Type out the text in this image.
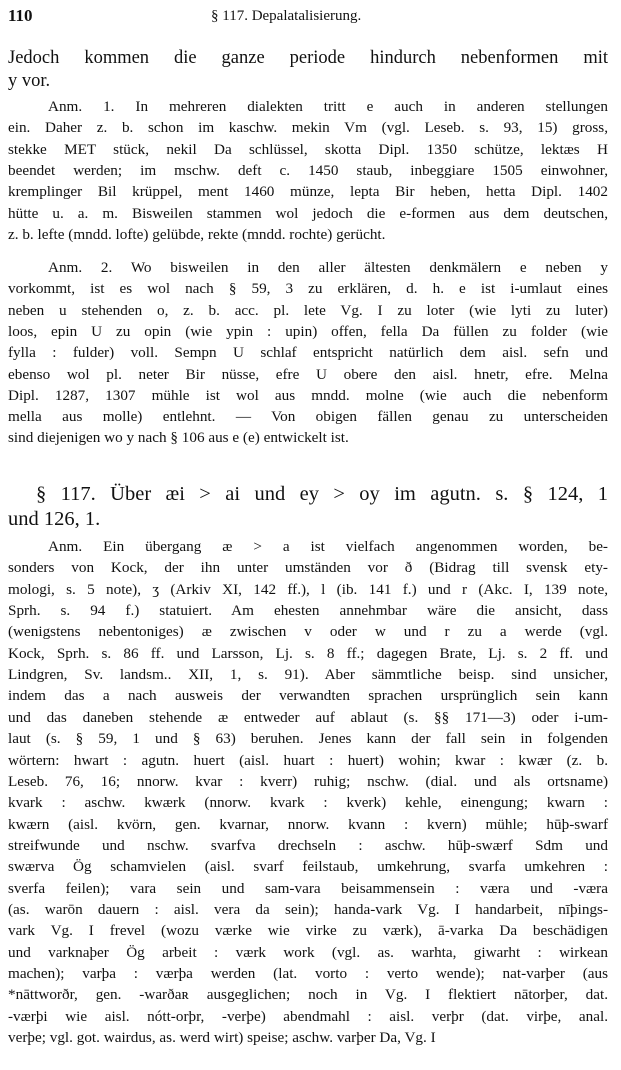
110	§ 117. Depalatalisierung.
Jedoch kommen die ganze periode hindurch nebenformen mit
y vor.
Anm. 1. In mehreren dialekten tritt e auch in anderen stellungen
ein. Daher z. b. schon im kaschw. mekin Vm (vgl. Leseb. s. 93, 15) gross,
stekke MET stück, nekil Da schlüssel, skotta Dipl. 1350 schütze, lektæs H
beendet werden; im mschw. deft c. 1450 staub, inbeggiare 1505 einwohner,
kremplinger Bil krüppel, ment 1460 münze, lepta Bir heben, hetta Dipl. 1402
hütte u. a. m. Bisweilen stammen wol jedoch die e-formen aus dem deutschen,
z. b. lefte (mndd. lofte) gelübde, rekte (mndd. rochte) gerücht.
Anm. 2. Wo bisweilen in den aller ältesten denkmälern e neben y
vorkommt, ist es wol nach § 59, 3 zu erklären, d. h. e ist i-umlaut eines
neben u stehenden o, z. b. acc. pl. lete Vg. I zu loter (wie lyti zu luter)
loos, epin U zu opin (wie ypin : upin) offen, fella Da füllen zu folder (wie
fylla : fulder) voll. Sempn U schlaf entspricht natürlich dem aisl. sefn und
ebenso wol pl. neter Bir nüsse, efre U obere den aisl. hnetr, efre. Melna
Dipl. 1287, 1307 mühle ist wol aus mndd. molne (wie auch die nebenform
mella aus molle) entlehnt. — Von obigen fällen genau zu unterscheiden
sind diejenigen wo y nach § 106 aus e (e) entwickelt ist.
§ 117. Über æi > ai und ey > oy im agutn. s. § 124, 1
und 126, 1.
Anm. Ein übergang æ > a ist vielfach angenommen worden, be-
sonders von Kock, der ihn unter umständen vor ð (Bidrag till svensk ety-
mologi, s. 5 note), ʒ (Arkiv XI, 142 ff.), l (ib. 141 f.) und r (Akc. I, 139 note,
Sprh. s. 94 f.) statuiert. Am ehesten annehmbar wäre die ansicht, dass
(wenigstens nebentoniges) æ zwischen v oder w und r zu a werde (vgl.
Kock, Sprh. s. 86 ff. und Larsson, Lj. s. 8 ff.; dagegen Brate, Lj. s. 2 ff. und
Lindgren, Sv. landsm.. XII, 1, s. 91). Aber sämmtliche beisp. sind unsicher,
indem das a nach ausweis der verwandten sprachen ursprünglich sein kann
und das daneben stehende æ entweder auf ablaut (s. §§ 171—3) oder i-um-
laut (s. § 59, 1 und § 63) beruhen. Jenes kann der fall sein in folgenden
wörtern: hwart : agutn. huert (aisl. huart : huert) wohin; kwar : kwær (z. b.
Leseb. 76, 16; nnorw. kvar : kverr) ruhig; nschw. (dial. und als ortsname)
kvark : aschw. kwærk (nnorw. kvark : kverk) kehle, einengung; kwarn :
kwærn (aisl. kvörn, gen. kvarnar, nnorw. kvann : kvern) mühle; hūþ-swarf
streifwunde und nschw. svarfva drechseln : aschw. hūþ-swærf Sdm und
swærva Ög schamvielen (aisl. svarf feilstaub, umkehrung, svarfa umkehren :
sverfa feilen); vara sein und sam-vara beisammensein : væra und -væra
(as. warōn dauern : aisl. vera da sein); handa-vark Vg. I handarbeit, nīþings-
vark Vg. I frevel (wozu værke wie virke zu værk), ā-varka Da beschädigen
und varknaþer Ög arbeit : værk work (vgl. as. warhta, giwarht : wirkean
machen); varþa : værþa werden (lat. vorto : verto wende); nat-varþer (aus
*nāttworðr, gen. -warðaʀ ausgeglichen; noch in Vg. I flektiert nātorþer, dat.
-værþi wie aisl. nótt-orþr, -verþe) abendmahl : aisl. verþr (dat. virþe, anal.
verþe; vgl. got. wairdus, as. werd wirt) speise; aschw. varþer Da, Vg. I
